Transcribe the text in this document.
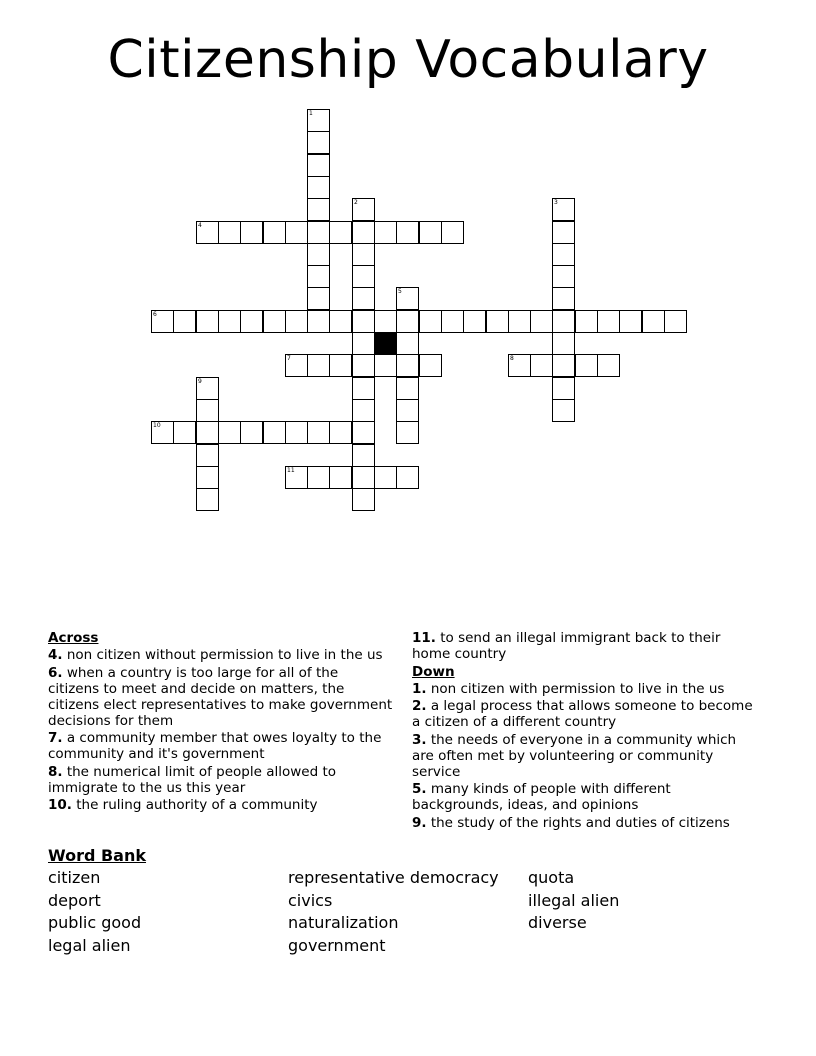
Citizenship Vocabulary
1
2	3
4
5
6
7	8
9
10
11
Across
4. non citizen without permission to live in the us
6. when a country is too large for all of the citizens to meet and decide on matters, the citizens elect representatives to make government decisions for them
7. a community member that owes loyalty to the community and it's government
8. the numerical limit of people allowed to immigrate to the us this year
10. the ruling authority of a community
11. to send an illegal immigrant back to their home country
Down
1. non citizen with permission to live in the us
2. a legal process that allows someone to become a citizen of a different country
3. the needs of everyone in a community which are often met by volunteering or community service
5. many kinds of people with different backgrounds, ideas, and opinions
9. the study of the rights and duties of citizens
Word Bank
citizen
deport
public good
legal alien
representative democracy
civics
naturalization
government
quota
illegal alien
diverse
